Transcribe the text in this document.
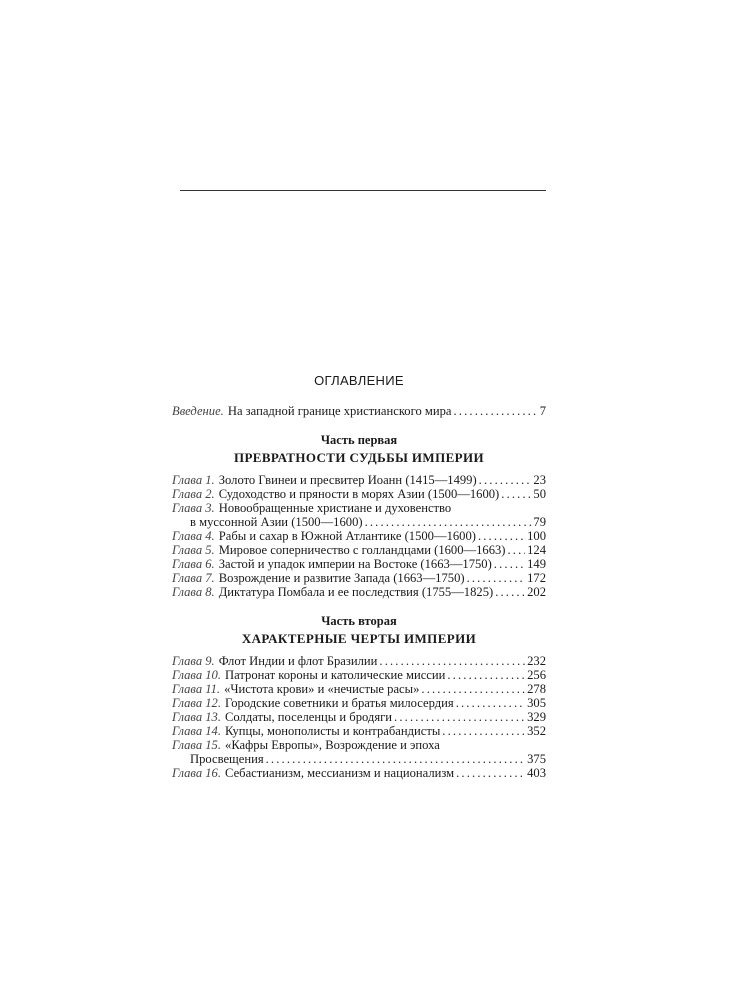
ОГЛАВЛЕНИЕ
Введение. На западной границе христианского мира . . .	7
Часть первая
ПРЕВРАТНОСТИ СУДЬБЫ ИМПЕРИИ
Глава 1. Золото Гвинеи и пресвитер Иоанн (1415—1499) . . .	23
Глава 2. Судоходство и пряности в морях Азии (1500—1600) . . .	50
Глава 3. Новообращенные христиане и духовенство
в муссонной Азии (1500—1600) . . .	79
Глава 4. Рабы и сахар в Южной Атлантике (1500—1600) . . .	100
Глава 5. Мировое соперничество с голландцами (1600—1663) . . . 124
Глава 6. Застой и упадок империи на Востоке (1663—1750) . . .	149
Глава 7. Возрождение и развитие Запада (1663—1750) . . .	172
Глава 8. Диктатура Помбала и ее последствия (1755—1825) . . .	202
Часть вторая
ХАРАКТЕРНЫЕ ЧЕРТЫ ИМПЕРИИ
Глава 9. Флот Индии и флот Бразилии . . .	232
Глава 10. Патронат короны и католические миссии . . .	256
Глава 11. «Чистота крови» и «нечистые расы» . . .	278
Глава 12. Городские советники и братья милосердия . . .	305
Глава 13. Солдаты, поселенцы и бродяги . . .	329
Глава 14. Купцы, монополисты и контрабандисты . . .	352
Глава 15. «Кафры Европы», Возрождение и эпоха
Просвещения . . .	375
Глава 16. Себастианизм, мессианизм и национализм . . .	403
